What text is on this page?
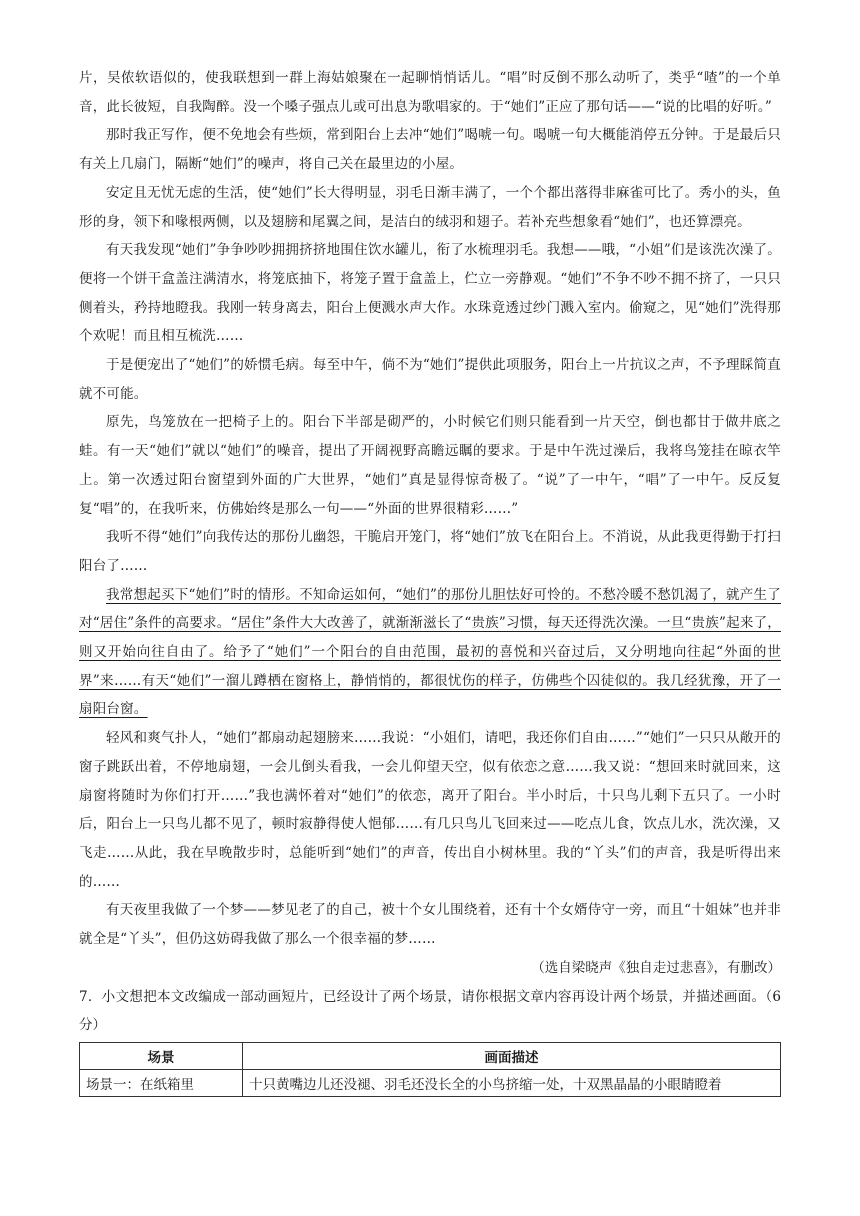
片，吴侬软语似的，使我联想到一群上海姑娘聚在一起聊悄悄话儿。“唱”时反倒不那么动听了，类乎“喳”的一个单音，此长彼短，自我陶醉。没一个嗓子强点儿或可出息为歌唱家的。于“她们”正应了那句话——“说的比唱的好听。”

那时我正写作，便不免地会有些烦，常到阳台上去冲“她们”喝唬一句。喝唬一句大概能消停五分钟。于是最后只有关上几扇门，隔断“她们”的噪声，将自己关在最里边的小屋。

安定且无忧无虑的生活，使“她们”长大得明显，羽毛日渐丰满了，一个个都出落得非麻雀可比了。秀小的头，鱼形的身，领下和喙根两侧，以及翅膀和尾翼之间，是洁白的绒羽和翅子。若补充些想象看“她们”，也还算漂亮。

有天我发现“她们”争争吵吵拥拥挤挤地围住饮水罐儿，衔了水梳理羽毛。我想——哦，“小姐”们是该洗次澡了。便将一个饼干盒盖注满清水，将笼底抽下，将笼子置于盒盖上，伫立一旁静观。“她们”不争不吵不拥不挤了，一只只侧着头，矜持地瞪我。我刚一转身离去，阳台上便溅水声大作。水珠竟透过纱门溅入室内。偷窥之，见“她们”洗得那个欢呢！而且相互梳洗……

于是便宠出了“她们”的娇惯毛病。每至中午，倘不为“她们”提供此项服务，阳台上一片抗议之声，不予理睬简直就不可能。

原先，鸟笼放在一把椅子上的。阳台下半部是砌严的，小时候它们则只能看到一片天空，倒也都甘于做井底之蛙。有一天“她们”就以“她们”的噪音，提出了开阔视野高瞻远瞩的要求。于是中午洗过澡后，我将鸟笼挂在晾衣竿上。第一次透过阳台窗望到外面的广大世界，“她们”真是显得惊奇极了。“说”了一中午，“唱”了一中午。反反复复“唱”的，在我听来，仿佛始终是那么一句——“外面的世界很精彩……”

我听不得“她们”向我传达的那份儿幽怨，干脆启开笼门，将“她们”放飞在阳台上。不消说，从此我更得勤于打扫阳台了……

我常想起买下“她们”时的情形。不知命运如何，“她们”的那份儿胆怯好可怜的。不愁冷暖不愁饥渴了，就产生了对“居住”条件的高要求。“居住”条件大大改善了，就渐渐滋长了“贵族”习惯，每天还得洗次澡。一旦“贵族”起来了，则又开始向往自由了。给予了“她们”一个阳台的自由范围，最初的喜悦和兴奋过后，又分明地向往起“外面的世界”来……有天“她们”一溜儿蹲栖在窗格上，静悄悄的，都很忧伤的样子，仿佛些个囚徒似的。我几经犹豫，开了一扇阳台窗。

轻风和爽气扑人，“她们”都扇动起翅膀来……我说：“小姐们，请吧，我还你们自由……”“她们”一只只从敞开的窗子跳跃出着，不停地扇翅，一会儿倒头看我，一会儿仰望天空，似有依恋之意……我又说：“想回来时就回来，这扇窗将随时为你们打开……”我也满怀着对“她们”的依恋，离开了阳台。半小时后，十只鸟儿剩下五只了。一小时后，阳台上一只鸟儿都不见了，顿时寂静得使人悒郁……有几只鸟儿飞回来过——吃点儿食，饮点儿水，洗次澡，又飞走……从此，我在早晚散步时，总能听到“她们”的声音，传出自小树林里。我的“丫头”们的声音，我是听得出来的……

有天夜里我做了一个梦——梦见老了的自己，被十个女儿围绕着，还有十个女婿侍守一旁，而且“十姐妹”也并非就全是“丫头”，但仍这妨碍我做了那么一个很幸福的梦……

（选自梁晓声《独自走过悲喜》，有删改）

7．小文想把本文改编成一部动画短片，已经设计了两个场景，请你根据文章内容再设计两个场景，并描述画面。（6分）

场景	画面描述
场景一：在纸箱里	十只黄嘴边儿还没褪、羽毛还没长全的小鸟挤缩一处，十双黑晶晶的小眼睛瞪着
